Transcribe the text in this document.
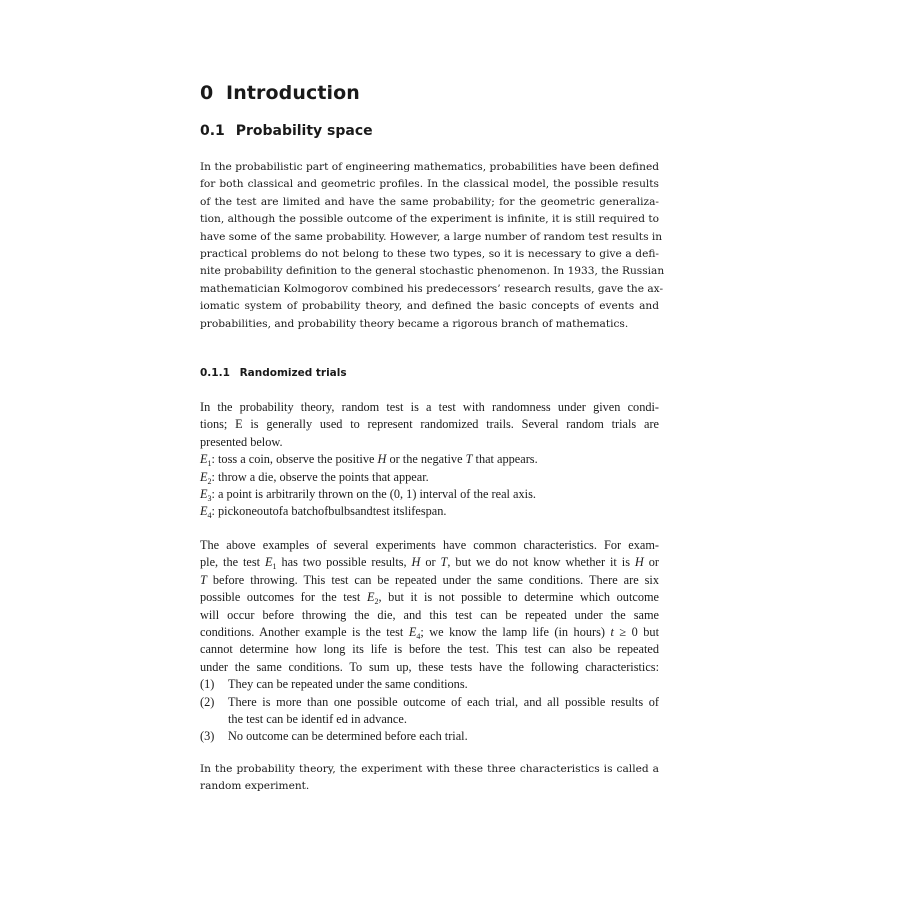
0 Introduction
0.1 Probability space
In the probabilistic part of engineering mathematics, probabilities have been defined
for both classical and geometric profiles. In the classical model, the possible results
of the test are limited and have the same probability; for the geometric generaliza-
tion, although the possible outcome of the experiment is infinite, it is still required to
have some of the same probability. However, a large number of random test results in
practical problems do not belong to these two types, so it is necessary to give a defi-
nite probability definition to the general stochastic phenomenon. In 1933, the Russian
mathematician Kolmogorov combined his predecessors’ research results, gave the ax-
iomatic system of probability theory, and defined the basic concepts of events and
probabilities, and probability theory became a rigorous branch of mathematics.
0.1.1 Randomized trials
In the probability theory, random test is a test with randomness under given condi-
tions; E is generally used to represent randomized trails. Several random trials are
presented below.
$E_1$: toss a coin, observe the positive H or the negative T that appears.
$E_2$: throw a die, observe the points that appear.
$E_3$: a point is arbitrarily thrown on the (0, 1) interval of the real axis.
$E_4$: pickoneoutofa batchofbulbsandtest itslifespan.
The above examples of several experiments have common characteristics. For exam-
ple, the test $E_1$ has two possible results, H or T, but we do not know whether it is H or
T before throwing. This test can be repeated under the same conditions. There are six
possible outcomes for the test $E_2$, but it is not possible to determine which outcome
will occur before throwing the die, and this test can be repeated under the same
conditions. Another example is the test $E_4$; we know the lamp life (in hours) t ≥ 0 but
cannot determine how long its life is before the test. This test can also be repeated
under the same conditions. To sum up, these tests have the following characteristics:
(1) They can be repeated under the same conditions.
(2) There is more than one possible outcome of each trial, and all possible results of
the test can be identif ed in advance.
(3) No outcome can be determined before each trial.
In the probability theory, the experiment with these three characteristics is called a
random experiment.
